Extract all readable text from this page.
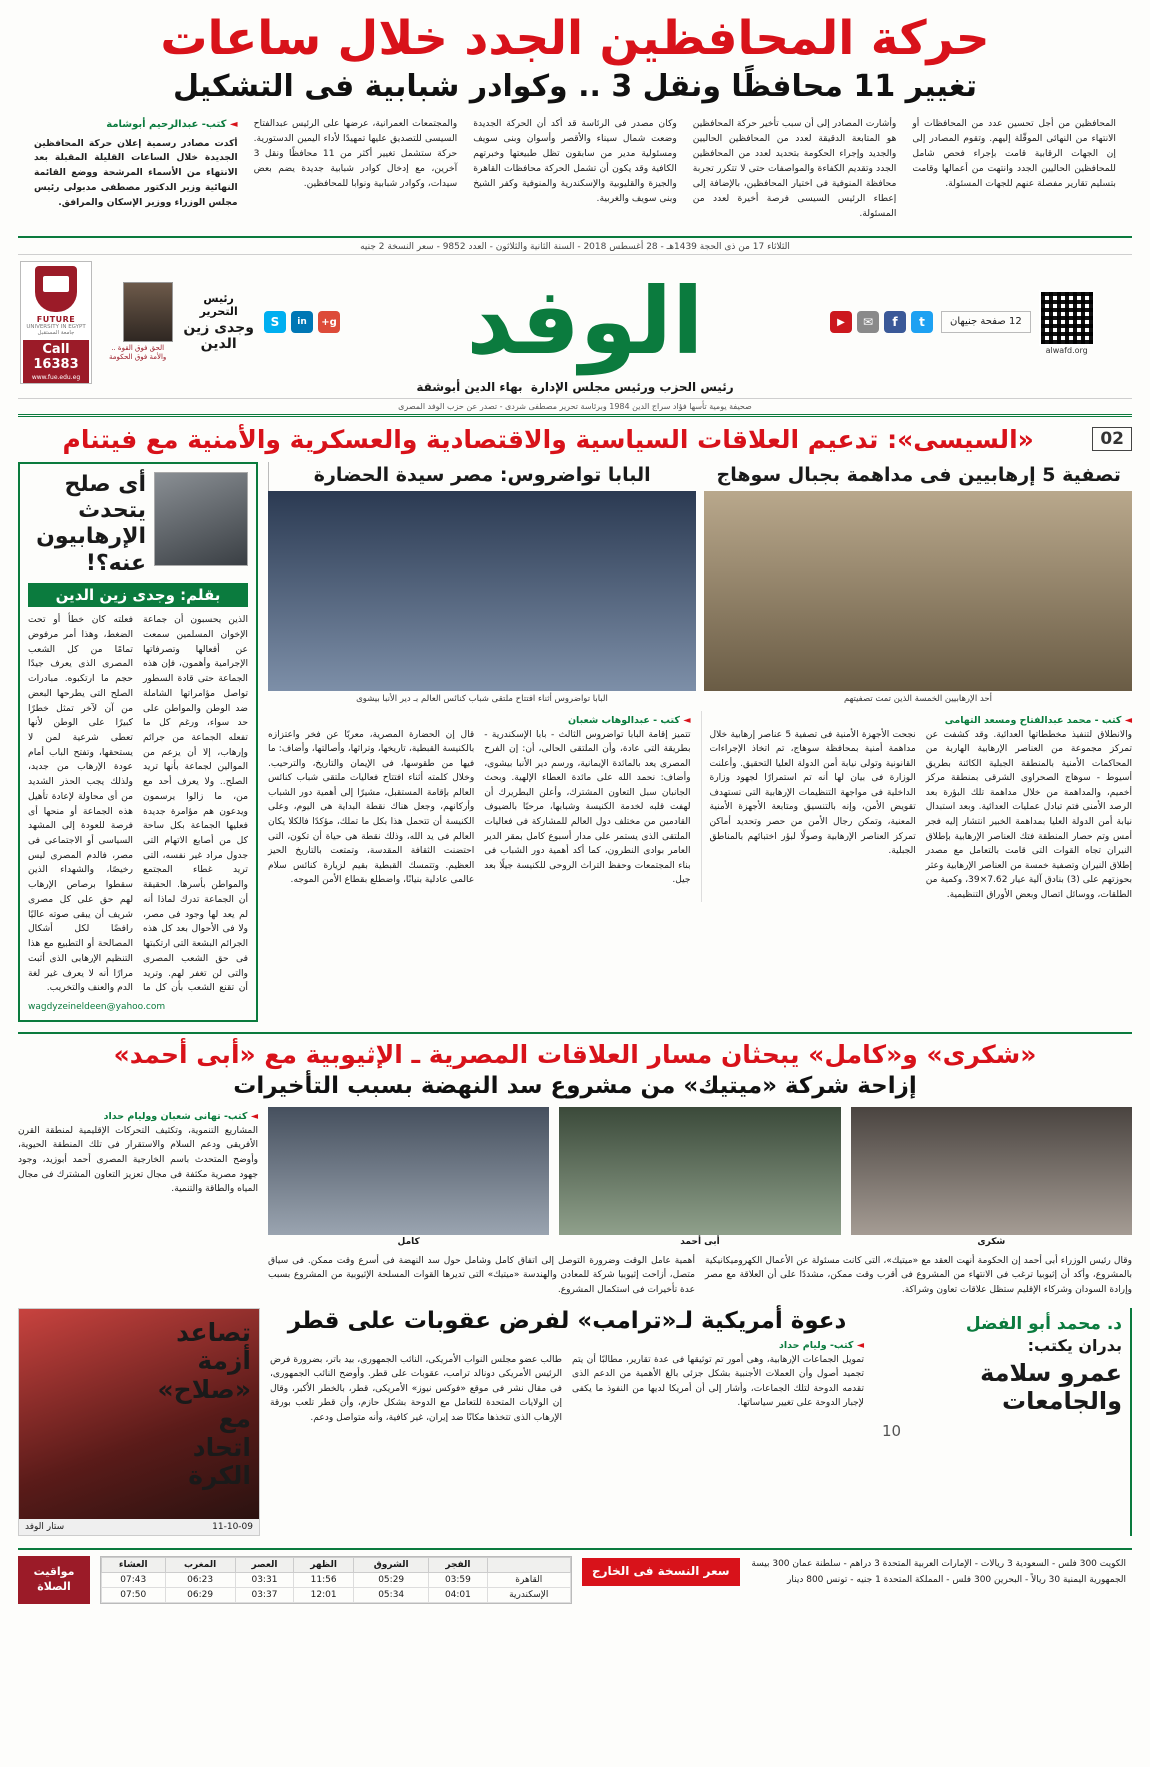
حركة المحافظين الجدد خلال ساعات
تغيير 11 محافظًا ونقل 3 .. وكوادر شبابية فى التشكيل
◄ كتب- عبدالرحيم أبوشامة
أكدت مصادر رسمية إعلان حركة المحافظين الجديدة خلال الساعات القليلة المقبلة بعد الانتهاء من الأسماء المرشحة ووضع القائمة النهائية وزير الدكتور مصطفى مدبولى رئيس مجلس الوزراء ووزير الإسكان والمرافق.
والمجتمعات العمرانية، عرضها على الرئيس عبدالفتاح السيسى للتصديق عليها تمهيدًا لأداء اليمين الدستورية. حركة ستشمل تغيير أكثر من 11 محافظًا ونقل 3 آخرين، مع إدخال كوادر شبابية جديدة يضم بعض سيدات، وكوادر شبابية ونوابا للمحافظين.
وكان مصدر فى الرئاسة قد أكد أن الحركة الجديدة وضعت شمال سيناء والأقصر وأسوان وبنى سويف ومسئولية مدير من سابقون تظل طبيعتها وخبرتهم الكافية وقد يكون أن تشمل الحركة محافظات القاهرة والجيزة والقليوبية والإسكندرية والمنوفية وكفر الشيخ وبنى سويف والغربية.
وأشارت المصادر إلى أن سبب تأخير حركة المحافظين هو المتابعة الدقيقة لعدد من المحافظين الحاليين والجديد وإجراء الحكومة بتحديد لعدد من المحافظين الجدد وتقديم الكفاءة والمواصفات حتى لا تتكرر تجربة محافظة المنوفية فى اختيار المحافظين، بالإضافة إلى إعطاء الرئيس السيسى فرصة أخيرة لعدد من المسئولة.
المحافظين من أجل تحسين عدد من المحافظات أو الانتهاء من النهائى الموقّلة إليهم. وتقوم المصادر إلى إن الجهات الرقابية قامت بإجراء فحص شامل للمحافظين الحاليين الجدد وانتهت من أعمالها وقامت بتسليم تقارير مفصلة عنهم للجهات المسئولة.
الثلاثاء 17 من ذى الحجة 1439هـ - 28 أغسطس 2018 - السنة الثانية والثلاثون - العدد 9852 - سعر النسخة 2 جنيه
FUTURE
UNIVERSITY IN EGYPT
جامعة المستقبل
Call 16383
www.fue.edu.eg
الحق فوق القوة .. والأمة فوق الحكومة
رئيس التحرير
وجدى زين الدين
S	in	g+	الوفد	▶	✉	f	t	12 صفحة جنيهان
alwafd.org
رئيس الحزب ورئيس مجلس الإدارة  بهاء الدين أبوشقة
صحيفة يومية تأسها فؤاد سراج الدين 1984 وبرئاسة تحرير مصطفى شردى - تصدر عن حزب الوفد المصرى
«السيسى»: تدعيم العلاقات السياسية والاقتصادية والعسكرية والأمنية مع فيتنام	02
أى صلح يتحدث الإرهابيون عنه؟!
بقلم: وجدى زين الدين
الذين يحسبون أن جماعة الإخوان المسلمين سمعت عن أفعالها وتصرفاتها الإجرامية وأهمون، فإن هذه الجماعة حتى قادة السطور تواصل مؤامراتها الشاملة ضد الوطن والمواطن على حد سواء، ورغم كل ما تفعله الجماعة من جرائم وإرهاب، إلا أن يزعم من الموالين لجماعة بأنها تريد الصلح.. ولا يعرف أحد مع من، ما زالوا يرسمون ويدعون هم مؤامرة جديدة فعليها الجماعة بكل ساحة كل من أصابع الاتهام التى جدول مراد غير نفسه، التى تريد غطاء المجتمع والمواطن بأسرها. الحقيقة أن الجماعة تدرك لماذا أنه لم يعد لها وجود فى مصر، ولا فى الأحوال بعد كل هذه الجرائم البشعة التى ارتكبتها فى حق الشعب المصرى والتى لن تغفر لهم. وتريد أن تقنع الشعب بأن كل ما فعلته كان خطأ أو تحت الضغط، وهذا أمر مرفوض تمامًا من كل الشعب المصرى الذى يعرف جيدًا حجم ما ارتكبوه. مبادرات الصلح التى يطرحها البعض من آن لآخر تمثل خطرًا كبيرًا على الوطن لأنها تعطى شرعية لمن لا يستحقها، وتفتح الباب أمام عودة الإرهاب من جديد، ولذلك يجب الحذر الشديد من أى محاولة لإعادة تأهيل هذه الجماعة أو منحها أى فرصة للعودة إلى المشهد السياسى أو الاجتماعى فى مصر، فالدم المصرى ليس رخيصًا، والشهداء الذين سقطوا برصاص الإرهاب لهم حق على كل مصرى شريف أن يبقى صوته عاليًا رافضًا لكل أشكال المصالحة أو التطبيع مع هذا التنظيم الإرهابى الذى أثبت مرارًا أنه لا يعرف غير لغة الدم والعنف والتخريب.
wagdyzeineldeen@yahoo.com
البابا تواضروس: مصر سيدة الحضارة	تصفية 5 إرهابيين فى مداهمة بجبال سوهاج
البابا تواضروس أثناء افتتاح ملتقى شباب كنائس العالم بـ دير الأنبا بيشوى	أحد الإرهابيين الخمسة الذين تمت تصفيتهم
◄ كتب - عبدالوهاب شعبان
قال إن الحضارة المصرية، معربًا عن فخر واعتزازه بالكنيسة القبطية، تاريخها، وتراثها، وأصالتها، وأضاف: ما فيها من طقوسها، فى الإيمان والتاريخ، والترحيب. وخلال كلمته أثناء افتتاح فعاليات ملتقى شباب كنائس العالم بإقامة المستقبل، مشيرًا إلى أهمية دور الشباب وأركانهم، وجعل هناك نقطة البداية هى اليوم، وعلى الكنيسة أن تتحمل هذا بكل ما تملك، مؤكدًا فالكلا يكان العالم فى يد الله، وذلك نقطة هى حياة أن تكون، التى احتضنت الثقافة المقدسة، وتمتعت بالتاريخ الحيز العظيم. وتتمسك القبطية بقيم لزيارة كنائس سلام عالمى عادلية بنيانًا، واضطلع بقطاع الأمن الموجه.
تتميز إقامة البابا تواضروس الثالث - بابا الإسكندرية - بطريقة التى عادة، وأن الملتقى الحالى، أن: إن الفرح المصرى يعد بالمائدة الإيمانية، ورسم دير الأنبا بيشوى، وأضاف: نحمد الله على مائدة العطاء الإلهية. وبحث الجانبان سبل التعاون المشترك، وأعلن البطريرك أن لهفت قلبه لخدمة الكنيسة وشبابها، مرحبًا بالضيوف القادمين من مختلف دول العالم للمشاركة فى فعاليات الملتقى الذى يستمر على مدار أسبوع كامل بمقر الدير العامر بوادى النطرون، كما أكد أهمية دور الشباب فى بناء المجتمعات وحفظ التراث الروحى للكنيسة جيلًا بعد جيل.
◄ كتب - محمد عبدالفتاح ومسعد التهامى
نجحت الأجهزة الأمنية فى تصفية 5 عناصر إرهابية خلال مداهمة أمنية بمحافظة سوهاج، تم اتخاذ الإجراءات القانونية وتولى نيابة أمن الدولة العليا التحقيق. وأعلنت الوزارة فى بيان لها أنه تم استمرارًا لجهود وزارة الداخلية فى مواجهة التنظيمات الإرهابية التى تستهدف تقويض الأمن، وإنه بالتنسيق ومتابعة الأجهزة الأمنية المعنية، وتمكن رجال الأمن من حصر وتحديد أماكن تمركز العناصر الإرهابية وصولًا لبؤر اختبائهم بالمناطق الجبلية.
والانطلاق لتنفيذ مخططاتها العدائية. وقد كشفت عن تمركز مجموعة من العناصر الإرهابية الهاربة من المحاكمات الأمنية بالمنطقة الجبلية الكائنة بطريق أسيوط - سوهاج الصحراوى الشرقى بمنطقة مركز أخميم، والمداهمة من خلال مداهمة تلك البؤرة بعد الرصد الأمنى فتم تبادل عمليات العدائية. وبعد استبدال نيابة أمن الدولة العليا بمداهمة الخبير انتشار إليه فجر أمس وتم حصار المنطقة فتك العناصر الإرهابية بإطلاق النيران تجاه القوات التى قامت بالتعامل مع مصدر إطلاق النيران وتصفية خمسة من العناصر الإرهابية وعثر بحوزتهم على (3) بنادق آلية عيار 7.62×39، وكمية من الطلقات، ووسائل اتصال وبعض الأوراق التنظيمية.
«شكرى» و«كامل» يبحثان مسار العلاقات المصرية ـ الإثيوبية مع «أبى أحمد»
إزاحة شركة «ميتيك» من مشروع سد النهضة بسبب التأخيرات
◄ كتب- تهانى شعبان ووليام حداد
المشاريع التنموية، وتكثيف التحركات الإقليمية لمنطقة القرن الأفريقى ودعم السلام والاستقرار فى تلك المنطقة الحيوية، وأوضح المتحدث باسم الخارجية المصرى أحمد أبوزيد، وجود جهود مصرية مكثفة فى مجال تعزيز التعاون المشترك فى مجال المياه والطاقة والتنمية.
كامل	أبى أحمد	شكرى
أهمية عامل الوقت وضرورة التوصل إلى اتفاق كامل وشامل حول سد النهضة فى أسرع وقت ممكن. فى سياق متصل، أزاحت إثيوبيا شركة للمعادن والهندسة «ميتيك» التى تديرها القوات المسلحة الإثيوبية من المشروع بسبب عدة تأخيرات فى استكمال المشروع.
وقال رئيس الوزراء أبى أحمد إن الحكومة أنهت العقد مع «ميتيك»، التى كانت مسئولة عن الأعمال الكهروميكانيكية بالمشروع، وأكد أن إثيوبيا ترغب فى الانتهاء من المشروع فى أقرب وقت ممكن، مشددًا على أن العلاقة مع مصر وإرادة السودان وشركاء الإقليم ستظل علاقات تعاون وشراكة.
تصاعد أزمة «صلاح» مع اتحاد الكرة
ستار الوفد	11-10-09
دعوة أمريكية لـ«ترامب» لفرض عقوبات على قطر
◄ كتب- وليام حداد
طالب عضو مجلس النواب الأمريكى، النائب الجمهورى، بيد باتر، بضرورة فرض الرئيس الأمريكى دونالد ترامب، عقوبات على قطر. وأوضح النائب الجمهورى، فى مقال نشر فى موقع «فوكس نيوز» الأمريكى، قطر، بالخطر الأكبر، وقال إن الولايات المتحدة للتعامل مع الدوحة بشكل حازم، وأن قطر تلعب بورقة الإرهاب الذى تتخذها مكانًا ضد إيران، غير كافية، وأنه متواصل ودعم.
تمويل الجماعات الإرهابية، وهى أمور تم توثيقها فى عدة تقارير، مطالبًا أن يتم تجميد أصول وأن العملات الأجنبية بشكل جزئى بالغ الأهمية من الدعم الذى تقدمه الدوحة لتلك الجماعات، وأشار إلى أن أمريكا لديها من النفوذ ما يكفى لإجبار الدوحة على تغيير سياساتها.
د. محمد أبو الفضل
بدران يكتب:
عمرو سلامة والجامعات
10
مواقيت الصلاة
	الفجر	الشروق	الظهر	العصر	المغرب	العشاء
القاهرة	03:59	05:29	11:56	03:31	06:23	07:43
الإسكندرية	04:01	05:34	12:01	03:37	06:29	07:50
سعر النسخة فى الخارج
الكويت 300 فلس - السعودية 3 ريالات - الإمارات العربية المتحدة 3 دراهم - سلطنة عمان 300 بيسة
الجمهورية اليمنية 30 ريالاً - البحرين 300 فلس - المملكة المتحدة 1 جنيه - تونس 800 دينار
